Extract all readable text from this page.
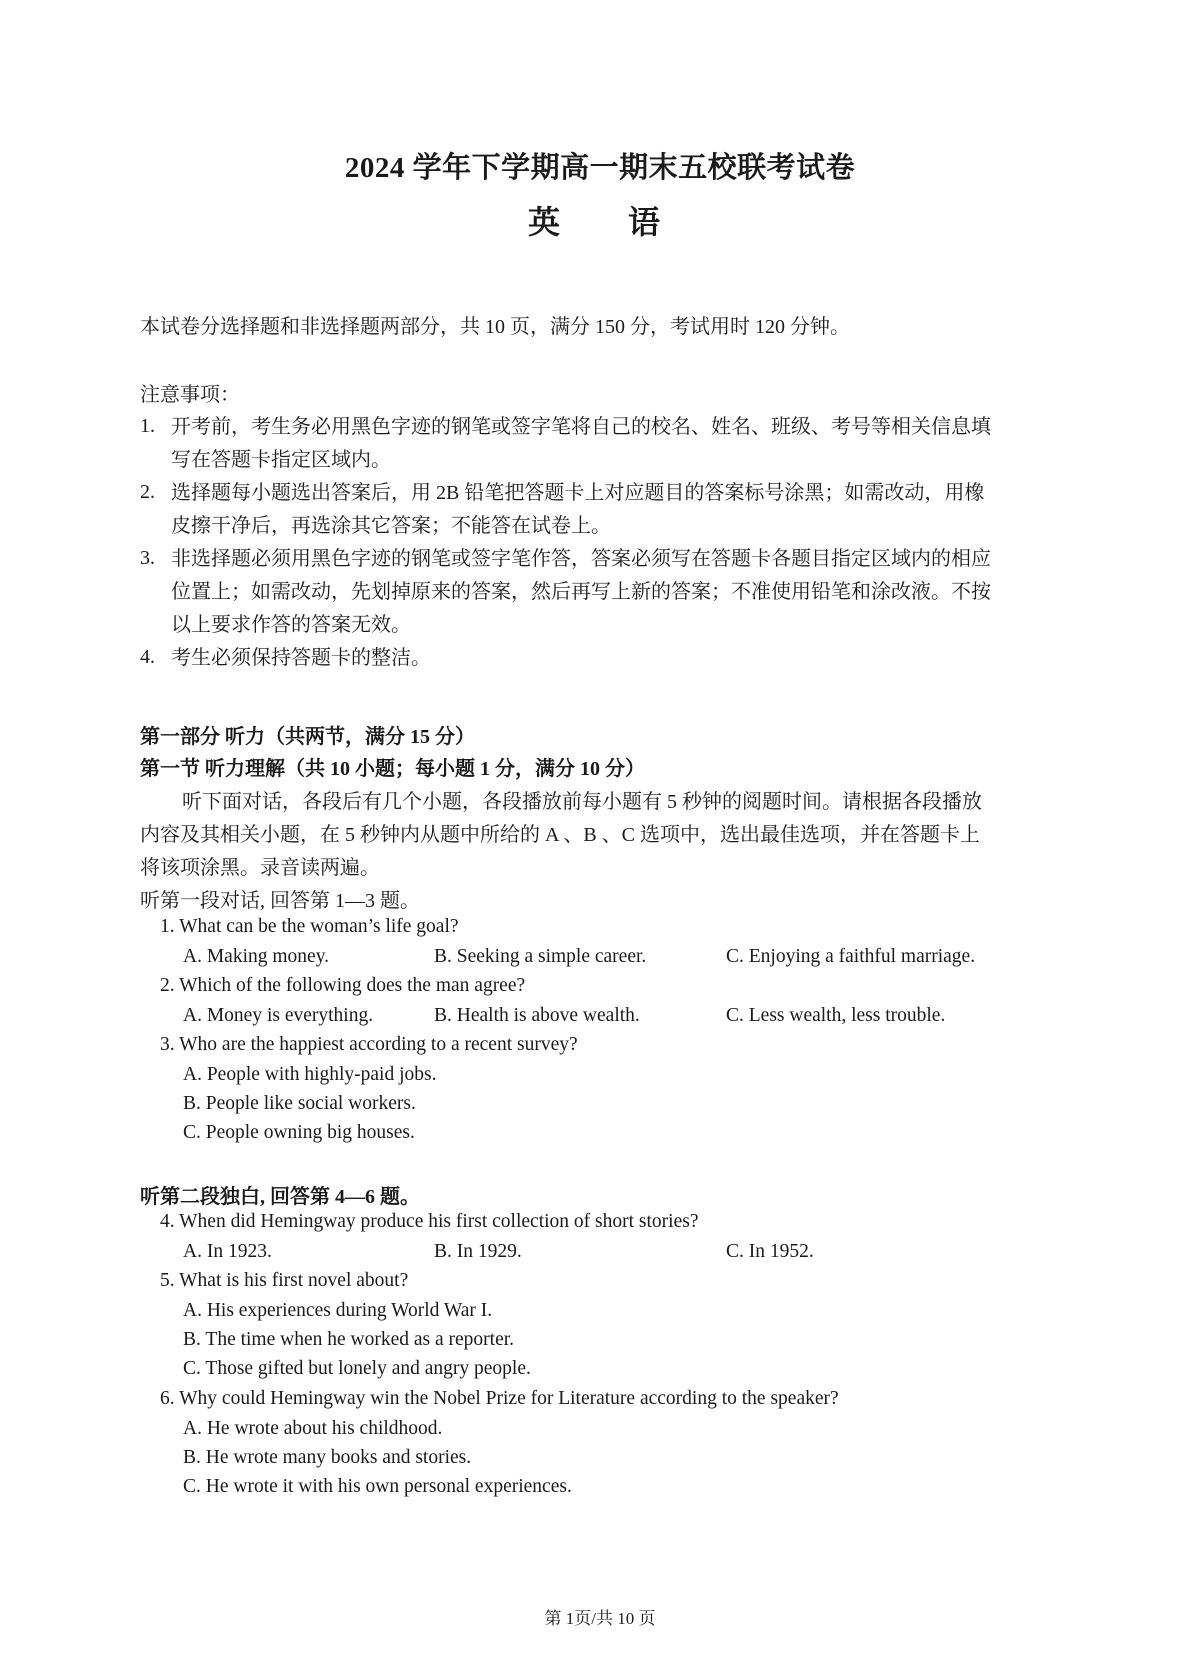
2024 学年下学期高一期末五校联考试卷
英 语
本试卷分选择题和非选择题两部分，共 10 页，满分 150 分，考试用时 120 分钟。
注意事项：
1. 开考前，考生务必用黑色字迹的钢笔或签字笔将自己的校名、姓名、班级、考号等相关信息填
写在答题卡指定区域内。
2. 选择题每小题选出答案后，用 2B 铅笔把答题卡上对应题目的答案标号涂黑；如需改动，用橡
皮擦干净后，再选涂其它答案；不能答在试卷上。
3. 非选择题必须用黑色字迹的钢笔或签字笔作答，答案必须写在答题卡各题目指定区域内的相应
位置上；如需改动，先划掉原来的答案，然后再写上新的答案；不准使用铅笔和涂改液。不按
以上要求作答的答案无效。
4. 考生必须保持答题卡的整洁。
第一部分 听力（共两节，满分 15 分）
第一节 听力理解（共 10 小题；每小题 1 分，满分 10 分）
听下面对话，各段后有几个小题，各段播放前每小题有 5 秒钟的阅题时间。请根据各段播放
内容及其相关小题，在 5 秒钟内从题中所给的 A 、B 、C 选项中，选出最佳选项，并在答题卡上
将该项涂黑。录音读两遍。
听第一段对话, 回答第 1—3 题。
1. What can be the woman’s life goal?
A. Making money.	B. Seeking a simple career.	C. Enjoying a faithful marriage.
2. Which of the following does the man agree?
A. Money is everything.	B. Health is above wealth.	C. Less wealth, less trouble.
3. Who are the happiest according to a recent survey?
A. People with highly-paid jobs.
B. People like social workers.
C. People owning big houses.
听第二段独白, 回答第 4—6 题。
4. When did Hemingway produce his first collection of short stories?
A. In 1923.	B. In 1929.	C. In 1952.
5. What is his first novel about?
A. His experiences during World War I.
B. The time when he worked as a reporter.
C. Those gifted but lonely and angry people.
6. Why could Hemingway win the Nobel Prize for Literature according to the speaker?
A. He wrote about his childhood.
B. He wrote many books and stories.
C. He wrote it with his own personal experiences.
第 1页/共 10 页
